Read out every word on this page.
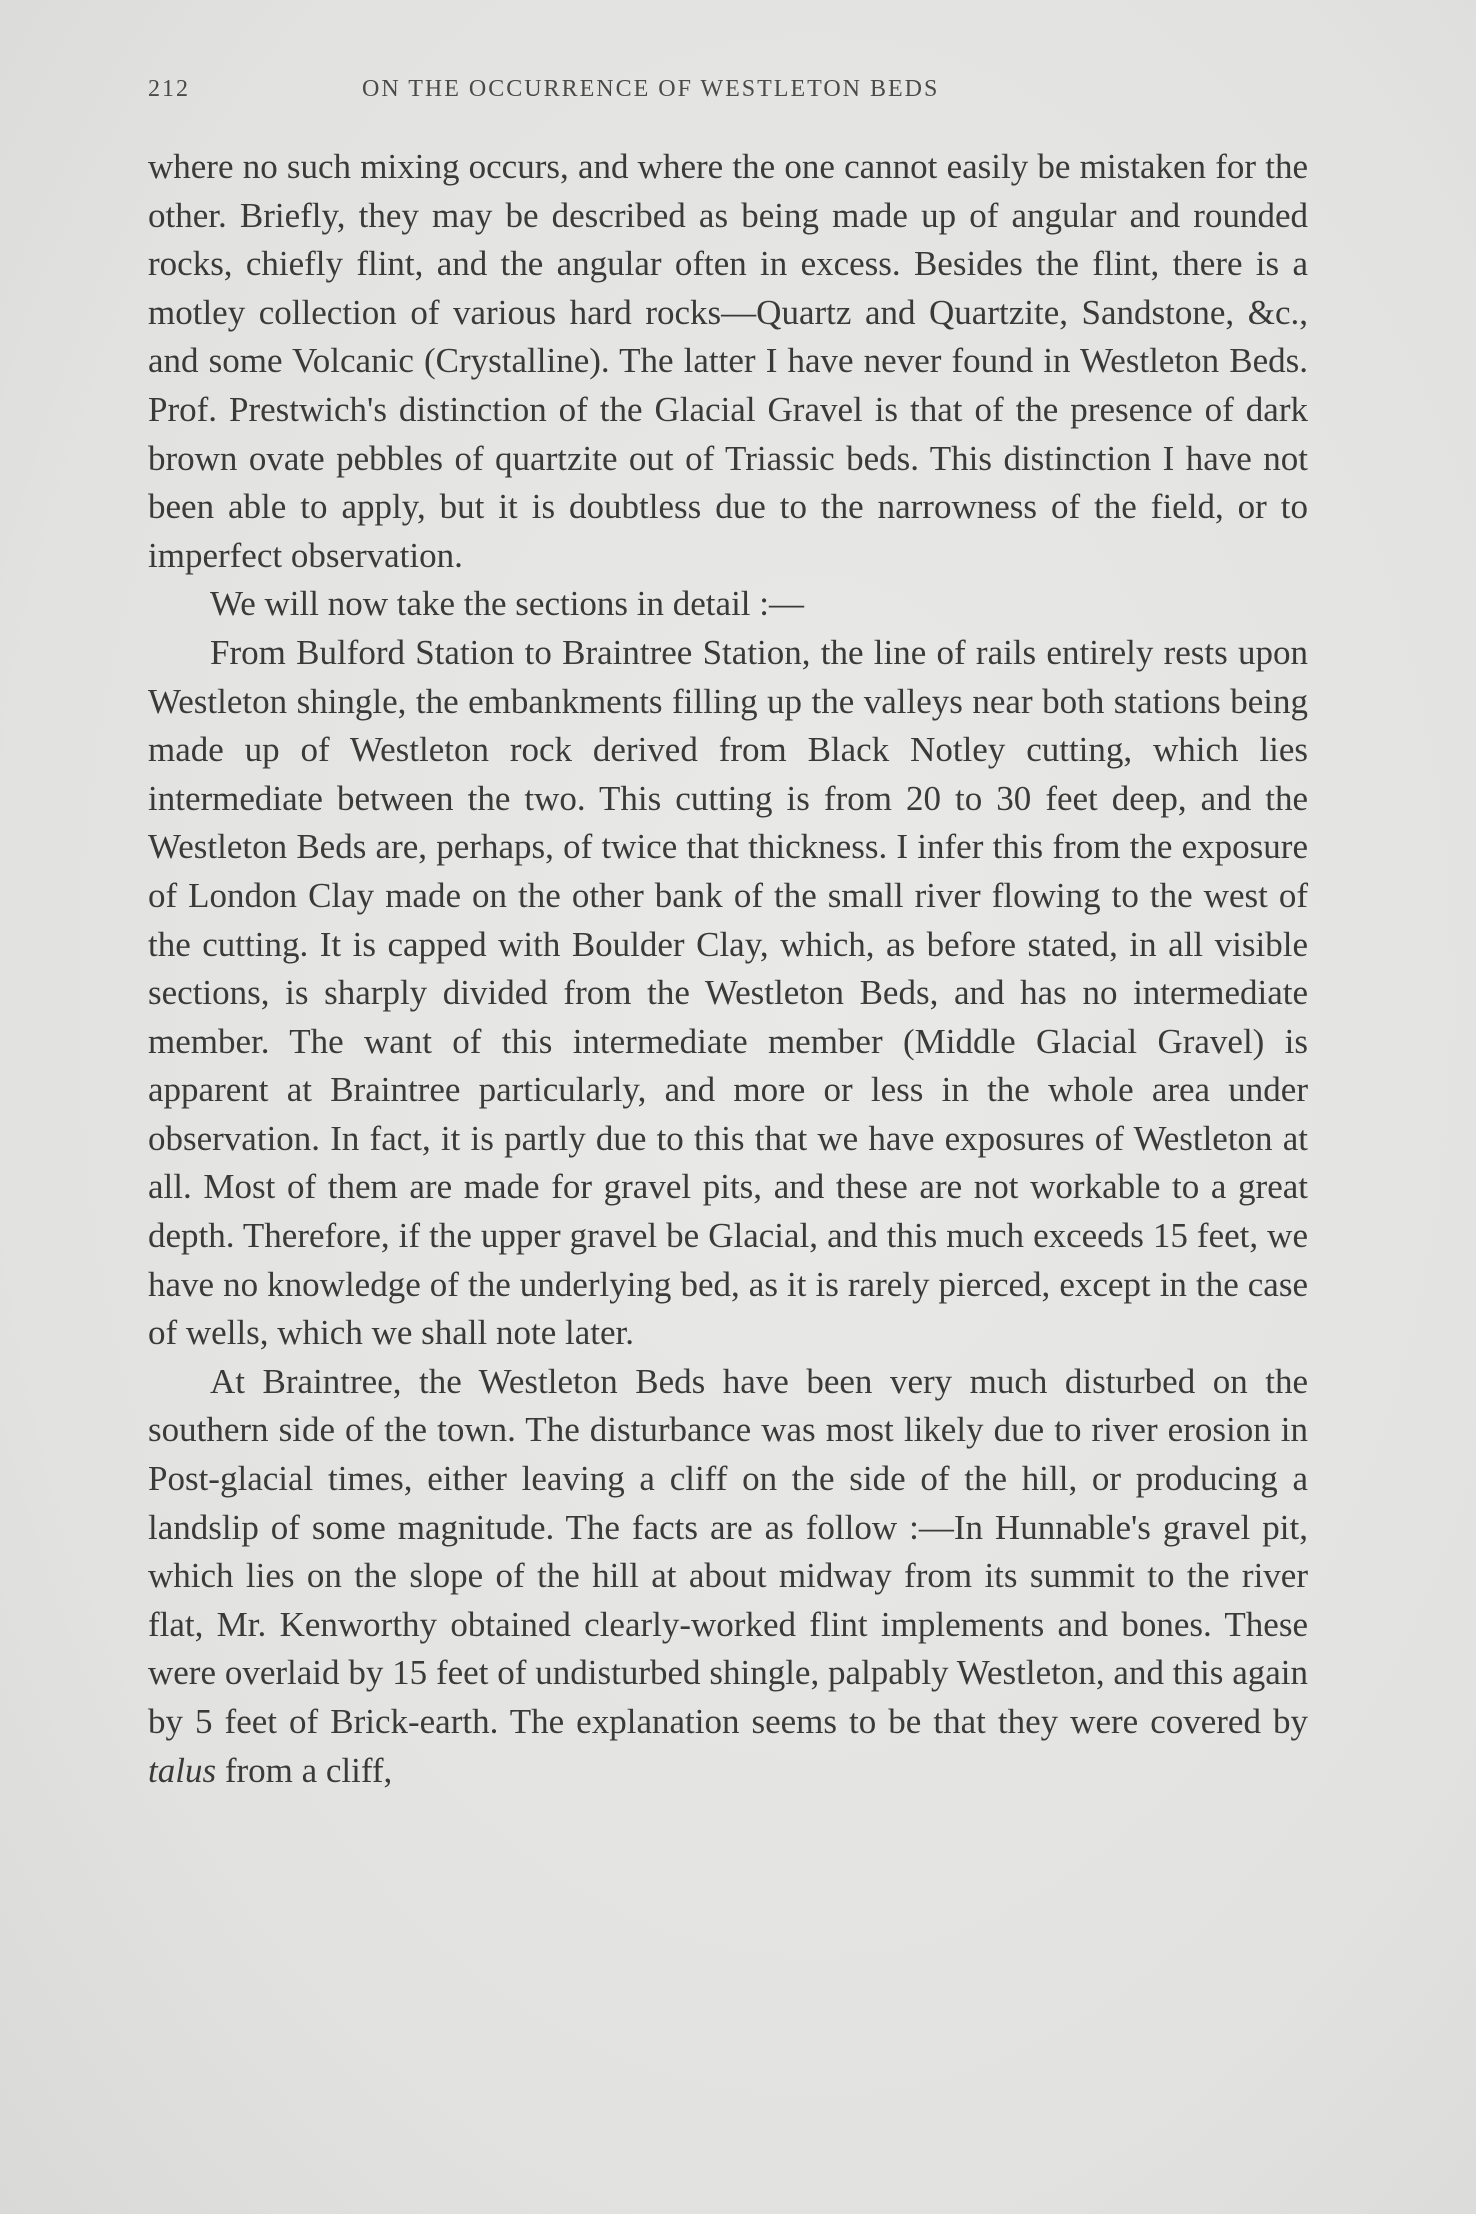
212	ON THE OCCURRENCE OF WESTLETON BEDS

where no such mixing occurs, and where the one cannot easily be mistaken for the other. Briefly, they may be described as being made up of angular and rounded rocks, chiefly flint, and the angular often in excess. Besides the flint, there is a motley collection of various hard rocks—Quartz and Quartzite, Sandstone, &c., and some Volcanic (Crystalline). The latter I have never found in Westleton Beds. Prof. Prestwich's distinction of the Glacial Gravel is that of the presence of dark brown ovate pebbles of quartzite out of Triassic beds. This distinction I have not been able to apply, but it is doubtless due to the narrowness of the field, or to imperfect observation.

We will now take the sections in detail :—

From Bulford Station to Braintree Station, the line of rails entirely rests upon Westleton shingle, the embankments filling up the valleys near both stations being made up of Westleton rock derived from Black Notley cutting, which lies intermediate between the two. This cutting is from 20 to 30 feet deep, and the Westleton Beds are, perhaps, of twice that thickness. I infer this from the exposure of London Clay made on the other bank of the small river flowing to the west of the cutting. It is capped with Boulder Clay, which, as before stated, in all visible sections, is sharply divided from the Westleton Beds, and has no intermediate member. The want of this intermediate member (Middle Glacial Gravel) is apparent at Braintree particularly, and more or less in the whole area under observation. In fact, it is partly due to this that we have exposures of Westleton at all. Most of them are made for gravel pits, and these are not workable to a great depth. Therefore, if the upper gravel be Glacial, and this much exceeds 15 feet, we have no knowledge of the underlying bed, as it is rarely pierced, except in the case of wells, which we shall note later.

At Braintree, the Westleton Beds have been very much disturbed on the southern side of the town. The disturbance was most likely due to river erosion in Post-glacial times, either leaving a cliff on the side of the hill, or producing a landslip of some magnitude. The facts are as follow :—In Hunnable's gravel pit, which lies on the slope of the hill at about midway from its summit to the river flat, Mr. Kenworthy obtained clearly-worked flint implements and bones. These were overlaid by 15 feet of undisturbed shingle, palpably Westleton, and this again by 5 feet of Brick-earth. The explanation seems to be that they were covered by talus from a cliff,
